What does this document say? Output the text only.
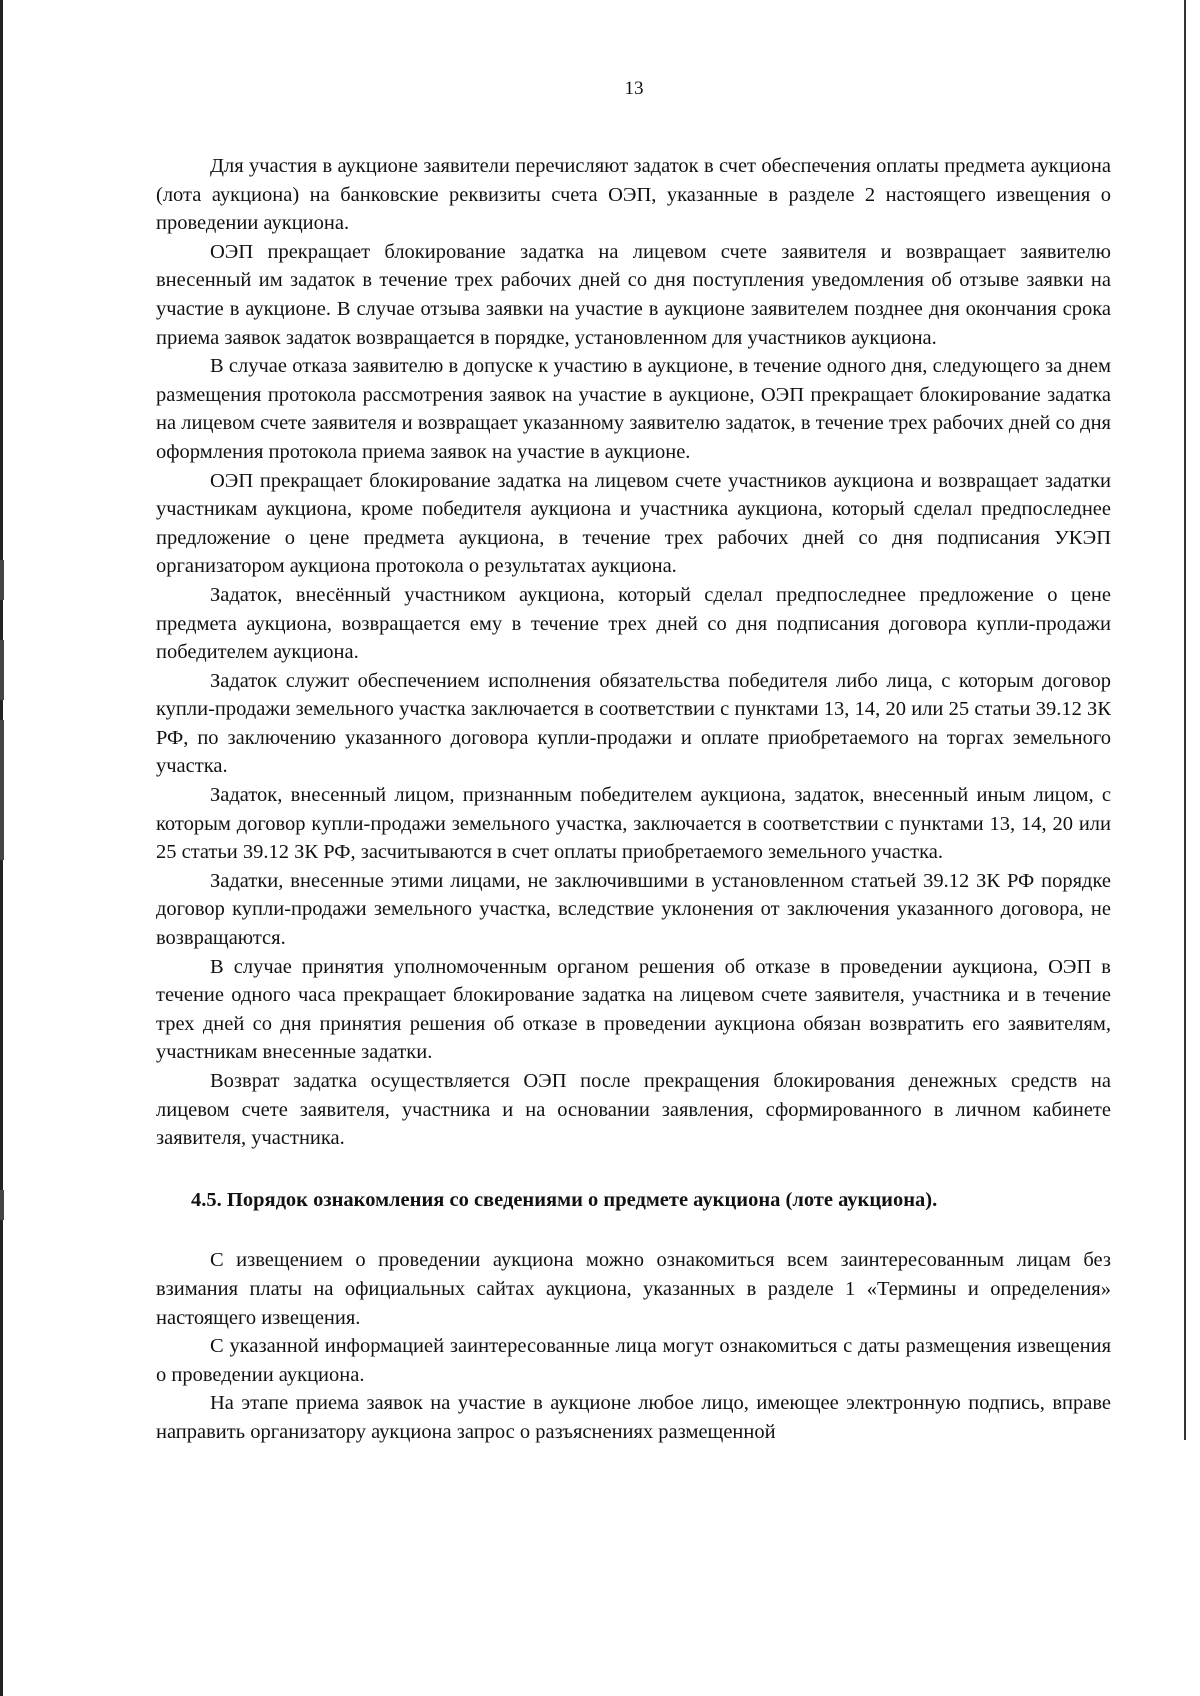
13

Для участия в аукционе заявители перечисляют задаток в счет обеспечения оплаты предмета аукциона (лота аукциона) на банковские реквизиты счета ОЭП, указанные в разделе 2 настоящего извещения о проведении аукциона.

ОЭП прекращает блокирование задатка на лицевом счете заявителя и возвращает заявителю внесенный им задаток в течение трех рабочих дней со дня поступления уведомления об отзыве заявки на участие в аукционе. В случае отзыва заявки на участие в аукционе заявителем позднее дня окончания срока приема заявок задаток возвращается в порядке, установленном для участников аукциона.

В случае отказа заявителю в допуске к участию в аукционе, в течение одного дня, следующего за днем размещения протокола рассмотрения заявок на участие в аукционе, ОЭП прекращает блокирование задатка на лицевом счете заявителя и возвращает указанному заявителю задаток, в течение трех рабочих дней со дня оформления протокола приема заявок на участие в аукционе.

ОЭП прекращает блокирование задатка на лицевом счете участников аукциона и возвращает задатки участникам аукциона, кроме победителя аукциона и участника аукциона, который сделал предпоследнее предложение о цене предмета аукциона, в течение трех рабочих дней со дня подписания УКЭП организатором аукциона протокола о результатах аукциона.

Задаток, внесённый участником аукциона, который сделал предпоследнее предложение о цене предмета аукциона, возвращается ему в течение трех дней со дня подписания договора купли-продажи победителем аукциона.

Задаток служит обеспечением исполнения обязательства победителя либо лица, с которым договор купли-продажи земельного участка заключается в соответствии с пунктами 13, 14, 20 или 25 статьи 39.12 ЗК РФ, по заключению указанного договора купли-продажи и оплате приобретаемого на торгах земельного участка.

Задаток, внесенный лицом, признанным победителем аукциона, задаток, внесенный иным лицом, с которым договор купли-продажи земельного участка, заключается в соответствии с пунктами 13, 14, 20 или 25 статьи 39.12 ЗК РФ, засчитываются в счет оплаты приобретаемого земельного участка.

Задатки, внесенные этими лицами, не заключившими в установленном статьей 39.12 ЗК РФ порядке договор купли-продажи земельного участка, вследствие уклонения от заключения указанного договора, не возвращаются.

В случае принятия уполномоченным органом решения об отказе в проведении аукциона, ОЭП в течение одного часа прекращает блокирование задатка на лицевом счете заявителя, участника и в течение трех дней со дня принятия решения об отказе в проведении аукциона обязан возвратить его заявителям, участникам внесенные задатки.

Возврат задатка осуществляется ОЭП после прекращения блокирования денежных средств на лицевом счете заявителя, участника и на основании заявления, сформированного в личном кабинете заявителя, участника.

4.5. Порядок ознакомления со сведениями о предмете аукциона (лоте аукциона).

С извещением о проведении аукциона можно ознакомиться всем заинтересованным лицам без взимания платы на официальных сайтах аукциона, указанных в разделе 1 «Термины и определения» настоящего извещения.

С указанной информацией заинтересованные лица могут ознакомиться с даты размещения извещения о проведении аукциона.

На этапе приема заявок на участие в аукционе любое лицо, имеющее электронную подпись, вправе направить организатору аукциона запрос о разъяснениях размещенной
